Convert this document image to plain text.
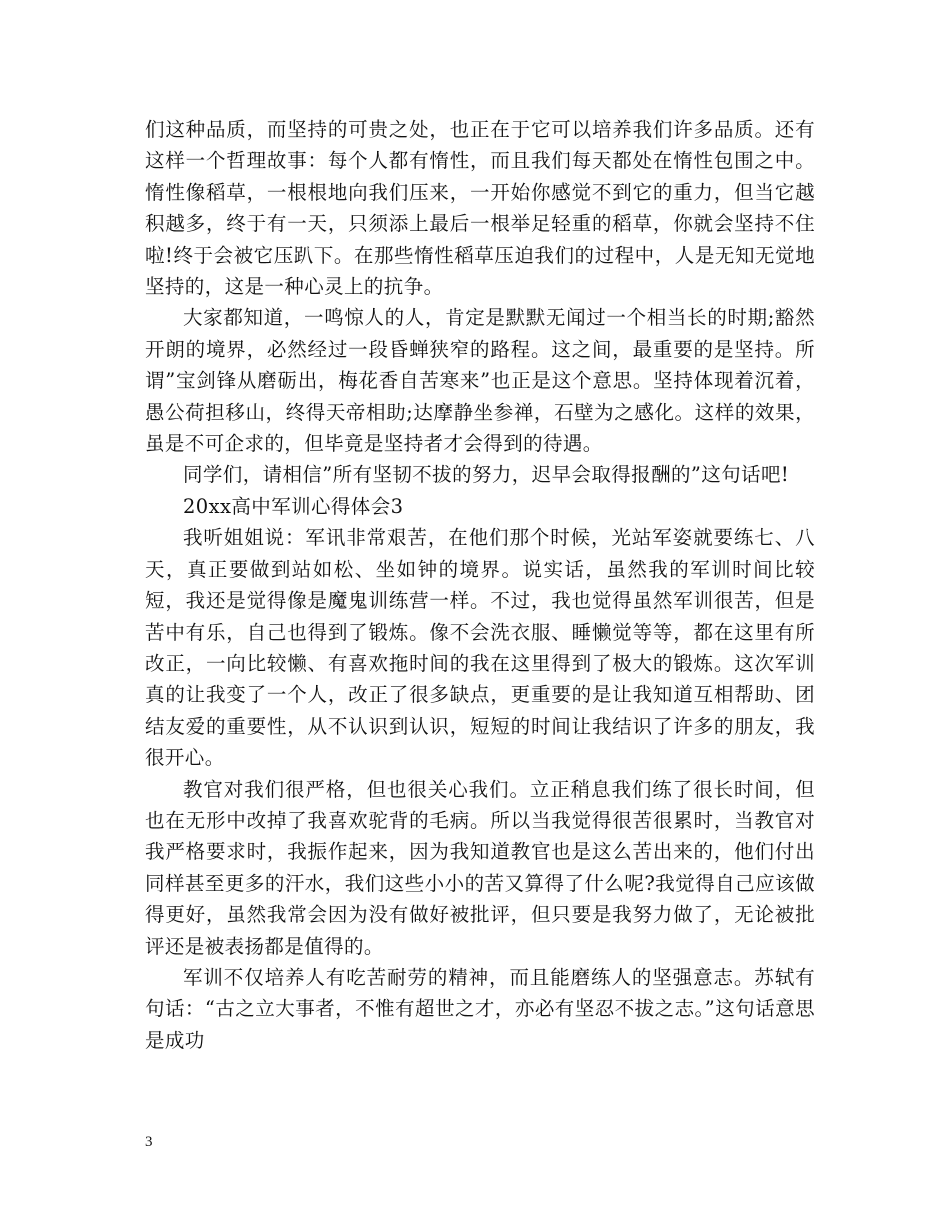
们这种品质，而坚持的可贵之处，也正在于它可以培养我们许多品质。还有这样一个哲理故事：每个人都有惰性，而且我们每天都处在惰性包围之中。惰性像稻草，一根根地向我们压来，一开始你感觉不到它的重力，但当它越积越多，终于有一天，只须添上最后一根举足轻重的稻草，你就会坚持不住啦!终于会被它压趴下。在那些惰性稻草压迫我们的过程中，人是无知无觉地坚持的，这是一种心灵上的抗争。

大家都知道，一鸣惊人的人，肯定是默默无闻过一个相当长的时期;豁然开朗的境界，必然经过一段昏蝉狭窄的路程。这之间，最重要的是坚持。所谓”宝剑锋从磨砺出，梅花香自苦寒来”也正是这个意思。坚持体现着沉着，愚公荷担移山，终得天帝相助;达摩静坐参禅，石壁为之感化。这样的效果，虽是不可企求的，但毕竟是坚持者才会得到的待遇。

同学们，请相信”所有坚韧不拔的努力，迟早会取得报酬的”这句话吧!

20xx高中军训心得体会3

我听姐姐说：军讯非常艰苦，在他们那个时候，光站军姿就要练七、八天，真正要做到站如松、坐如钟的境界。说实话，虽然我的军训时间比较短，我还是觉得像是魔鬼训练营一样。不过，我也觉得虽然军训很苦，但是苦中有乐，自己也得到了锻炼。像不会洗衣服、睡懒觉等等，都在这里有所改正，一向比较懒、有喜欢拖时间的我在这里得到了极大的锻炼。这次军训真的让我变了一个人，改正了很多缺点，更重要的是让我知道互相帮助、团结友爱的重要性，从不认识到认识，短短的时间让我结识了许多的朋友，我很开心。

教官对我们很严格，但也很关心我们。立正稍息我们练了很长时间，但也在无形中改掉了我喜欢驼背的毛病。所以当我觉得很苦很累时，当教官对我严格要求时，我振作起来，因为我知道教官也是这么苦出来的，他们付出同样甚至更多的汗水，我们这些小小的苦又算得了什么呢?我觉得自己应该做得更好，虽然我常会因为没有做好被批评，但只要是我努力做了，无论被批评还是被表扬都是值得的。

军训不仅培养人有吃苦耐劳的精神，而且能磨练人的坚强意志。苏轼有句话：“古之立大事者，不惟有超世之才，亦必有坚忍不拔之志。”这句话意思是成功

3
